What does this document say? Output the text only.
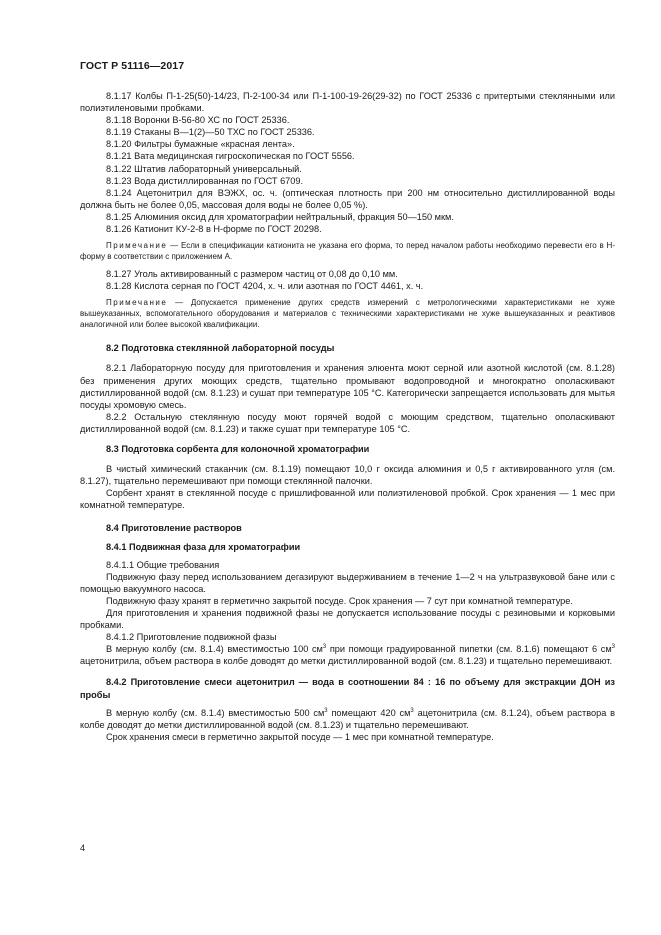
ГОСТ Р 51116—2017

8.1.17 Колбы П-1-25(50)-14/23, П-2-100-34 или П-1-100-19-26(29-32) по ГОСТ 25336 с притертыми стеклянными или полиэтиленовыми пробками.

8.1.18 Воронки В-56-80 ХС по ГОСТ 25336.

8.1.19 Стаканы В—1(2)—50 ТХС по ГОСТ 25336.

8.1.20 Фильтры бумажные «красная лента».

8.1.21 Вата медицинская гигроскопическая по ГОСТ 5556.

8.1.22 Штатив лабораторный универсальный.

8.1.23 Вода дистиллированная по ГОСТ 6709.

8.1.24 Ацетонитрил для ВЭЖХ, ос. ч. (оптическая плотность при 200 нм относительно дистиллированной воды должна быть не более 0,05, массовая доля воды не более 0,05 %).

8.1.25 Алюминия оксид для хроматографии нейтральный, фракция 50—150 мкм.

8.1.26 Катионит КУ-2-8 в Н-форме по ГОСТ 20298.

Примечание — Если в спецификации катионита не указана его форма, то перед началом работы необходимо перевести его в Н-форму в соответствии с приложением А.

8.1.27 Уголь активированный с размером частиц от 0,08 до 0,10 мм.

8.1.28 Кислота серная по ГОСТ 4204, х. ч. или азотная по ГОСТ 4461, х. ч.

Примечание — Допускается применение других средств измерений с метрологическими характеристиками не хуже вышеуказанных, вспомогательного оборудования и материалов с техническими характеристиками не хуже вышеуказанных и реактивов аналогичной или более высокой квалификации.

8.2 Подготовка стеклянной лабораторной посуды

8.2.1 Лабораторную посуду для приготовления и хранения элюента моют серной или азотной кислотой (см. 8.1.28) без применения других моющих средств, тщательно промывают водопроводной и многократно ополаскивают дистиллированной водой (см. 8.1.23) и сушат при температуре 105 °С. Категорически запрещается использовать для мытья посуды хромовую смесь.

8.2.2 Остальную стеклянную посуду моют горячей водой с моющим средством, тщательно ополаскивают дистиллированной водой (см. 8.1.23) и также сушат при температуре 105 °С.

8.3 Подготовка сорбента для колоночной хроматографии

В чистый химический стаканчик (см. 8.1.19) помещают 10,0 г оксида алюминия и 0,5 г активированного угля (см. 8.1.27), тщательно перемешивают при помощи стеклянной палочки.

Сорбент хранят в стеклянной посуде с пришлифованной или полиэтиленовой пробкой. Срок хранения — 1 мес при комнатной температуре.

8.4 Приготовление растворов

8.4.1 Подвижная фаза для хроматографии

8.4.1.1 Общие требования

Подвижную фазу перед использованием дегазируют выдерживанием в течение 1—2 ч на ультразвуковой бане или с помощью вакуумного насоса.

Подвижную фазу хранят в герметично закрытой посуде. Срок хранения — 7 сут при комнатной температуре.

Для приготовления и хранения подвижной фазы не допускается использование посуды с резиновыми и корковыми пробками.

8.4.1.2 Приготовление подвижной фазы

В мерную колбу (см. 8.1.4) вместимостью 100 $см^3$ при помощи градуированной пипетки (см. 8.1.6) помещают 6 $см^3$ ацетонитрила, объем раствора в колбе доводят до метки дистиллированной водой (см. 8.1.23) и тщательно перемешивают.

8.4.2 Приготовление смеси ацетонитрил — вода в соотношении 84 : 16 по объему для экстракции ДОН из пробы

В мерную колбу (см. 8.1.4) вместимостью 500 $см^3$ помещают 420 $см^3$ ацетонитрила (см. 8.1.24), объем раствора в колбе доводят до метки дистиллированной водой (см. 8.1.23) и тщательно перемешивают.

Срок хранения смеси в герметично закрытой посуде — 1 мес при комнатной температуре.

4
